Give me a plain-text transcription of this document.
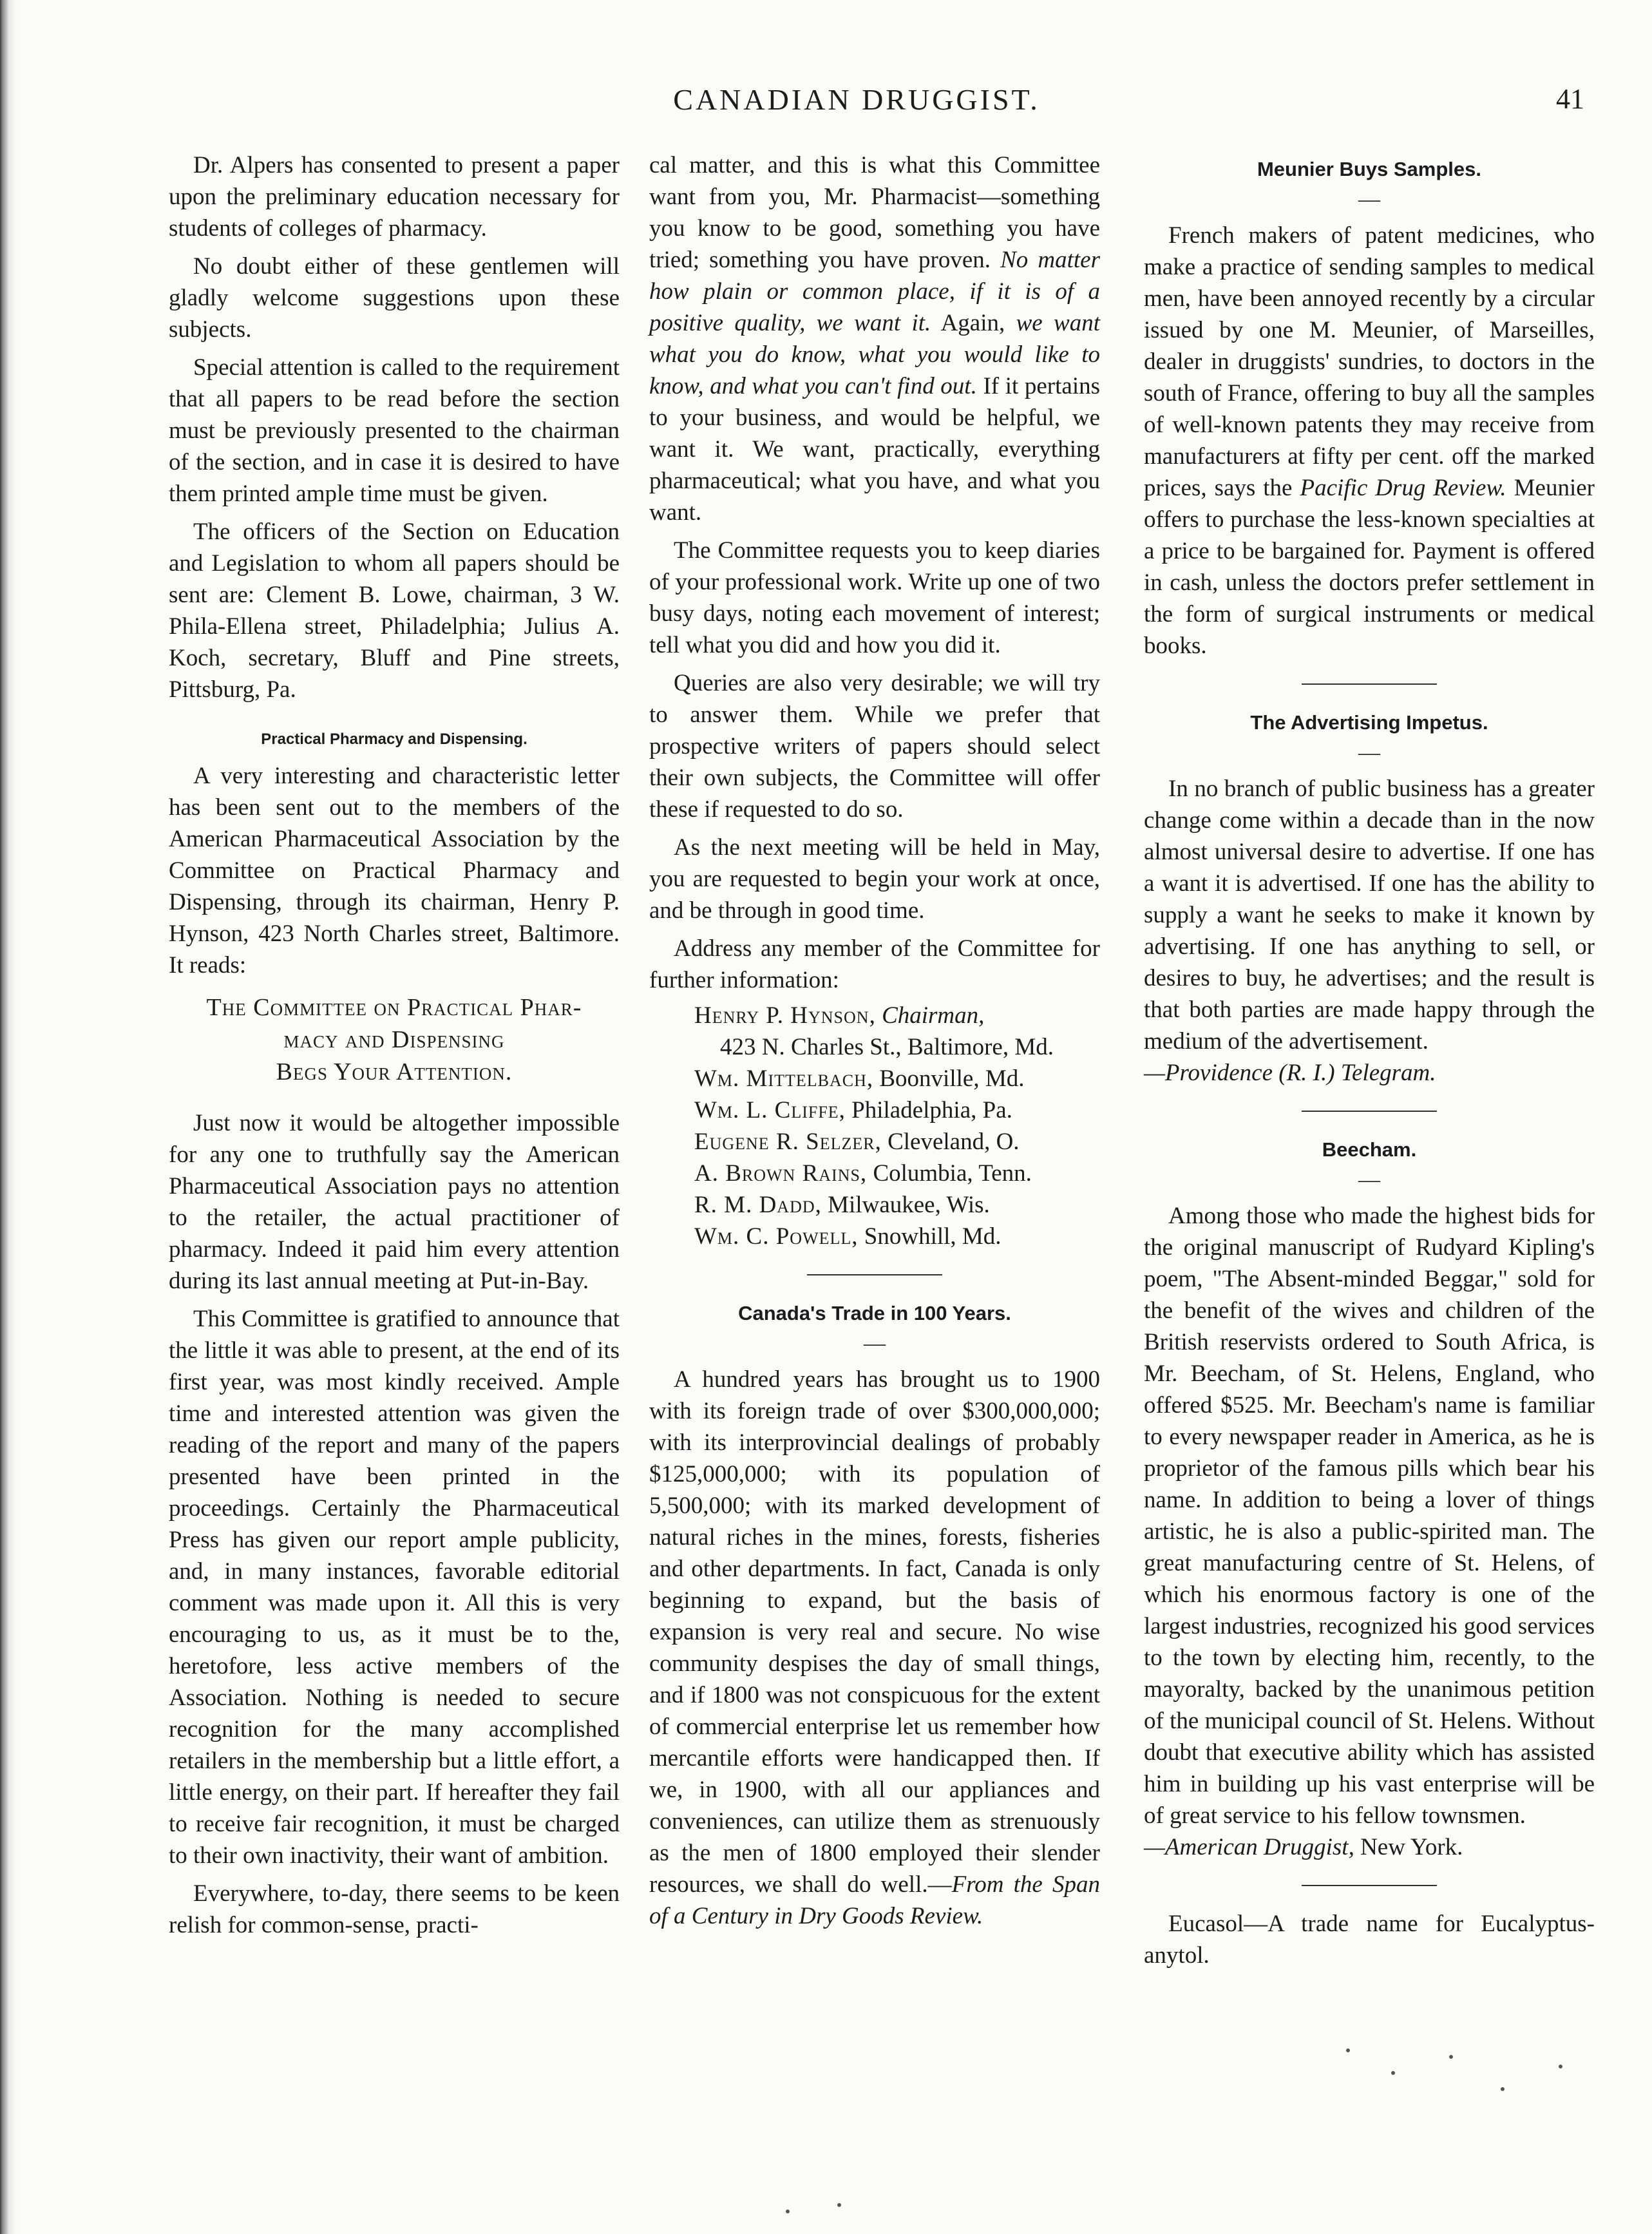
CANADIAN DRUGGIST.	41

Dr. Alpers has consented to present a paper upon the preliminary education necessary for students of colleges of pharmacy.

No doubt either of these gentlemen will gladly welcome suggestions upon these subjects.

Special attention is called to the requirement that all papers to be read before the section must be previously presented to the chairman of the section, and in case it is desired to have them printed ample time must be given.

The officers of the Section on Education and Legislation to whom all papers should be sent are: Clement B. Lowe, chairman, 3 W. Phila-Ellena street, Philadelphia; Julius A. Koch, secretary, Bluff and Pine streets, Pittsburg, Pa.

Practical Pharmacy and Dispensing.

A very interesting and characteristic letter has been sent out to the members of the American Pharmaceutical Association by the Committee on Practical Pharmacy and Dispensing, through its chairman, Henry P. Hynson, 423 North Charles street, Baltimore. It reads:

The Committee on Practical Phar-
macy and Dispensing
Begs Your Attention.

Just now it would be altogether impossible for any one to truthfully say the American Pharmaceutical Association pays no attention to the retailer, the actual practitioner of pharmacy. Indeed it paid him every attention during its last annual meeting at Put-in-Bay.

This Committee is gratified to announce that the little it was able to present, at the end of its first year, was most kindly received. Ample time and interested attention was given the reading of the report and many of the papers presented have been printed in the proceedings. Certainly the Pharmaceutical Press has given our report ample publicity, and, in many instances, favorable editorial comment was made upon it. All this is very encouraging to us, as it must be to the, heretofore, less active members of the Association. Nothing is needed to secure recognition for the many accomplished retailers in the membership but a little effort, a little energy, on their part. If hereafter they fail to receive fair recognition, it must be charged to their own inactivity, their want of ambition.

Everywhere, to-day, there seems to be keen relish for common-sense, practi-

cal matter, and this is what this Committee want from you, Mr. Pharmacist—something you know to be good, something you have tried; something you have proven. No matter how plain or common place, if it is of a positive quality, we want it. Again, we want what you do know, what you would like to know, and what you can't find out. If it pertains to your business, and would be helpful, we want it. We want, practically, everything pharmaceutical; what you have, and what you want.

The Committee requests you to keep diaries of your professional work. Write up one of two busy days, noting each movement of interest; tell what you did and how you did it.

Queries are also very desirable; we will try to answer them. While we prefer that prospective writers of papers should select their own subjects, the Committee will offer these if requested to do so.

As the next meeting will be held in May, you are requested to begin your work at once, and be through in good time.

Address any member of the Committee for further information:

Henry P. Hynson, Chairman,
423 N. Charles St., Baltimore, Md.
Wm. Mittelbach, Boonville, Md.
Wm. L. Cliffe, Philadelphia, Pa.
Eugene R. Selzer, Cleveland, O.
A. Brown Rains, Columbia, Tenn.
R. M. Dadd, Milwaukee, Wis.
Wm. C. Powell, Snowhill, Md.
Canada's Trade in 100 Years.
—

A hundred years has brought us to 1900 with its foreign trade of over $300,000,000; with its interprovincial dealings of probably $125,000,000; with its population of 5,500,000; with its marked development of natural riches in the mines, forests, fisheries and other departments. In fact, Canada is only beginning to expand, but the basis of expansion is very real and secure. No wise community despises the day of small things, and if 1800 was not conspicuous for the extent of commercial enterprise let us remember how mercantile efforts were handicapped then. If we, in 1900, with all our appliances and conveniences, can utilize them as strenuously as the men of 1800 employed their slender resources, we shall do well.—From the Span of a Century in Dry Goods Review.

Meunier Buys Samples.
—

French makers of patent medicines, who make a practice of sending samples to medical men, have been annoyed recently by a circular issued by one M. Meunier, of Marseilles, dealer in druggists' sundries, to doctors in the south of France, offering to buy all the samples of well-known patents they may receive from manufacturers at fifty per cent. off the marked prices, says the Pacific Drug Review. Meunier offers to purchase the less-known specialties at a price to be bargained for. Payment is offered in cash, unless the doctors prefer settlement in the form of surgical instruments or medical books.

The Advertising Impetus.
—

In no branch of public business has a greater change come within a decade than in the now almost universal desire to advertise. If one has a want it is advertised. If one has the ability to supply a want he seeks to make it known by advertising. If one has anything to sell, or desires to buy, he advertises; and the result is that both parties are made happy through the medium of the advertisement.
—Providence (R. I.) Telegram.

Beecham.
—

Among those who made the highest bids for the original manuscript of Rudyard Kipling's poem, "The Absent-minded Beggar," sold for the benefit of the wives and children of the British reservists ordered to South Africa, is Mr. Beecham, of St. Helens, England, who offered $525. Mr. Beecham's name is familiar to every newspaper reader in America, as he is proprietor of the famous pills which bear his name. In addition to being a lover of things artistic, he is also a public-spirited man. The great manufacturing centre of St. Helens, of which his enormous factory is one of the largest industries, recognized his good services to the town by electing him, recently, to the mayoralty, backed by the unanimous petition of the municipal council of St. Helens. Without doubt that executive ability which has assisted him in building up his vast enterprise will be of great service to his fellow townsmen.
—American Druggist, New York.

Eucasol—A trade name for Eucalyptus-anytol.
